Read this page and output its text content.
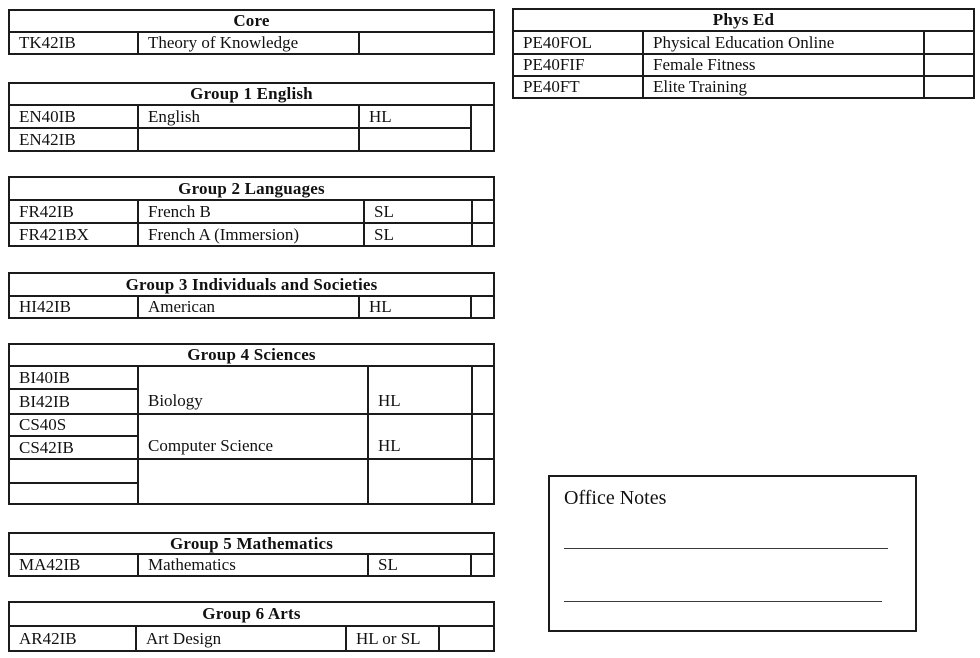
Core
TK42IB	Theory of Knowledge	
Group 1 English			
EN40IB	English	HL	
EN42IB			
Group 2 Languages			
FR42IB	French B	SL	
FR421BX	French A (Immersion)	SL	
Group 3 Individuals and Societies
HI42IB	American	HL	
Group 4 Sciences			
BI40IB	Biology	HL	
BI42IB			
CS40S	Computer Science	HL	
CS42IB			

Group 5 Mathematics
MA42IB	Mathematics	SL	
Group 6 Arts
AR42IB	Art Design	HL or SL	
Phys Ed		
PE40FOL	Physical Education Online	
PE40FIF	Female Fitness	
PE40FT	Elite Training	
Office Notes
